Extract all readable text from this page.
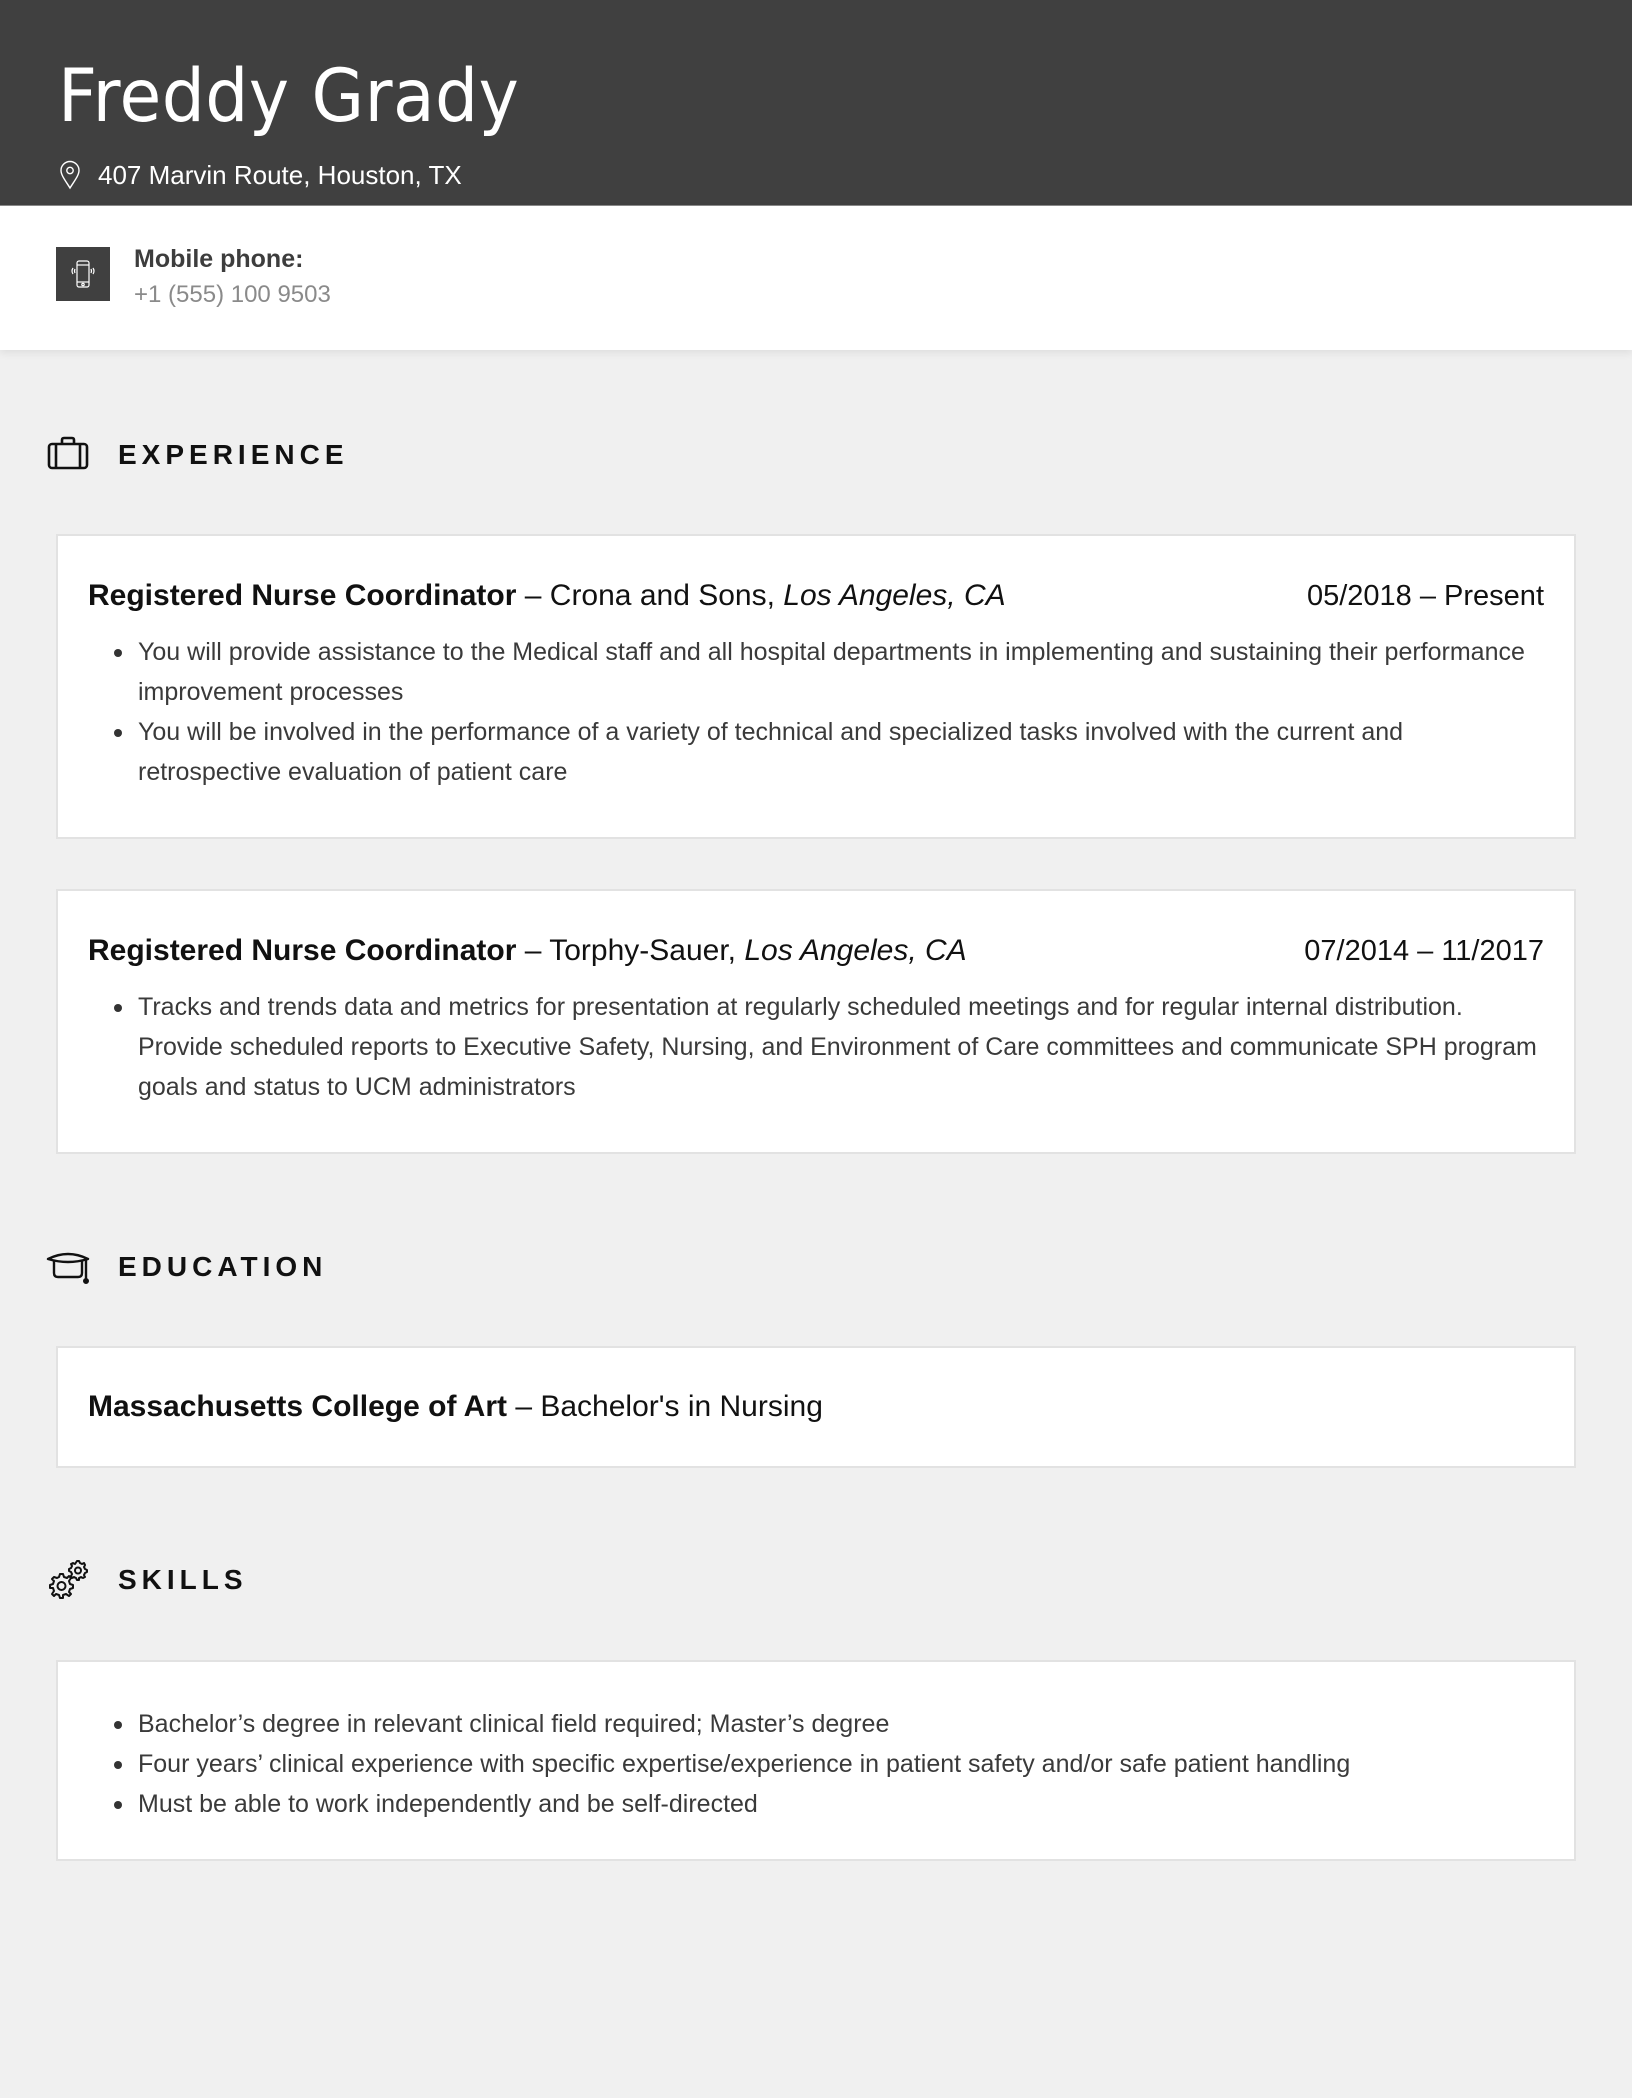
Freddy Grady
407 Marvin Route, Houston, TX
Mobile phone:
+1 (555) 100 9503
EXPERIENCE
Registered Nurse Coordinator – Crona and Sons, Los Angeles, CA	05/2018 – Present
You will provide assistance to the Medical staff and all hospital departments in implementing and sustaining their performance improvement processes
You will be involved in the performance of a variety of technical and specialized tasks involved with the current and retrospective evaluation of patient care
Registered Nurse Coordinator – Torphy-Sauer, Los Angeles, CA	07/2014 – 11/2017
Tracks and trends data and metrics for presentation at regularly scheduled meetings and for regular internal distribution. Provide scheduled reports to Executive Safety, Nursing, and Environment of Care committees and communicate SPH program goals and status to UCM administrators
EDUCATION
Massachusetts College of Art – Bachelor's in Nursing
SKILLS
Bachelor’s degree in relevant clinical field required; Master’s degree
Four years’ clinical experience with specific expertise/experience in patient safety and/or safe patient handling
Must be able to work independently and be self-directed
